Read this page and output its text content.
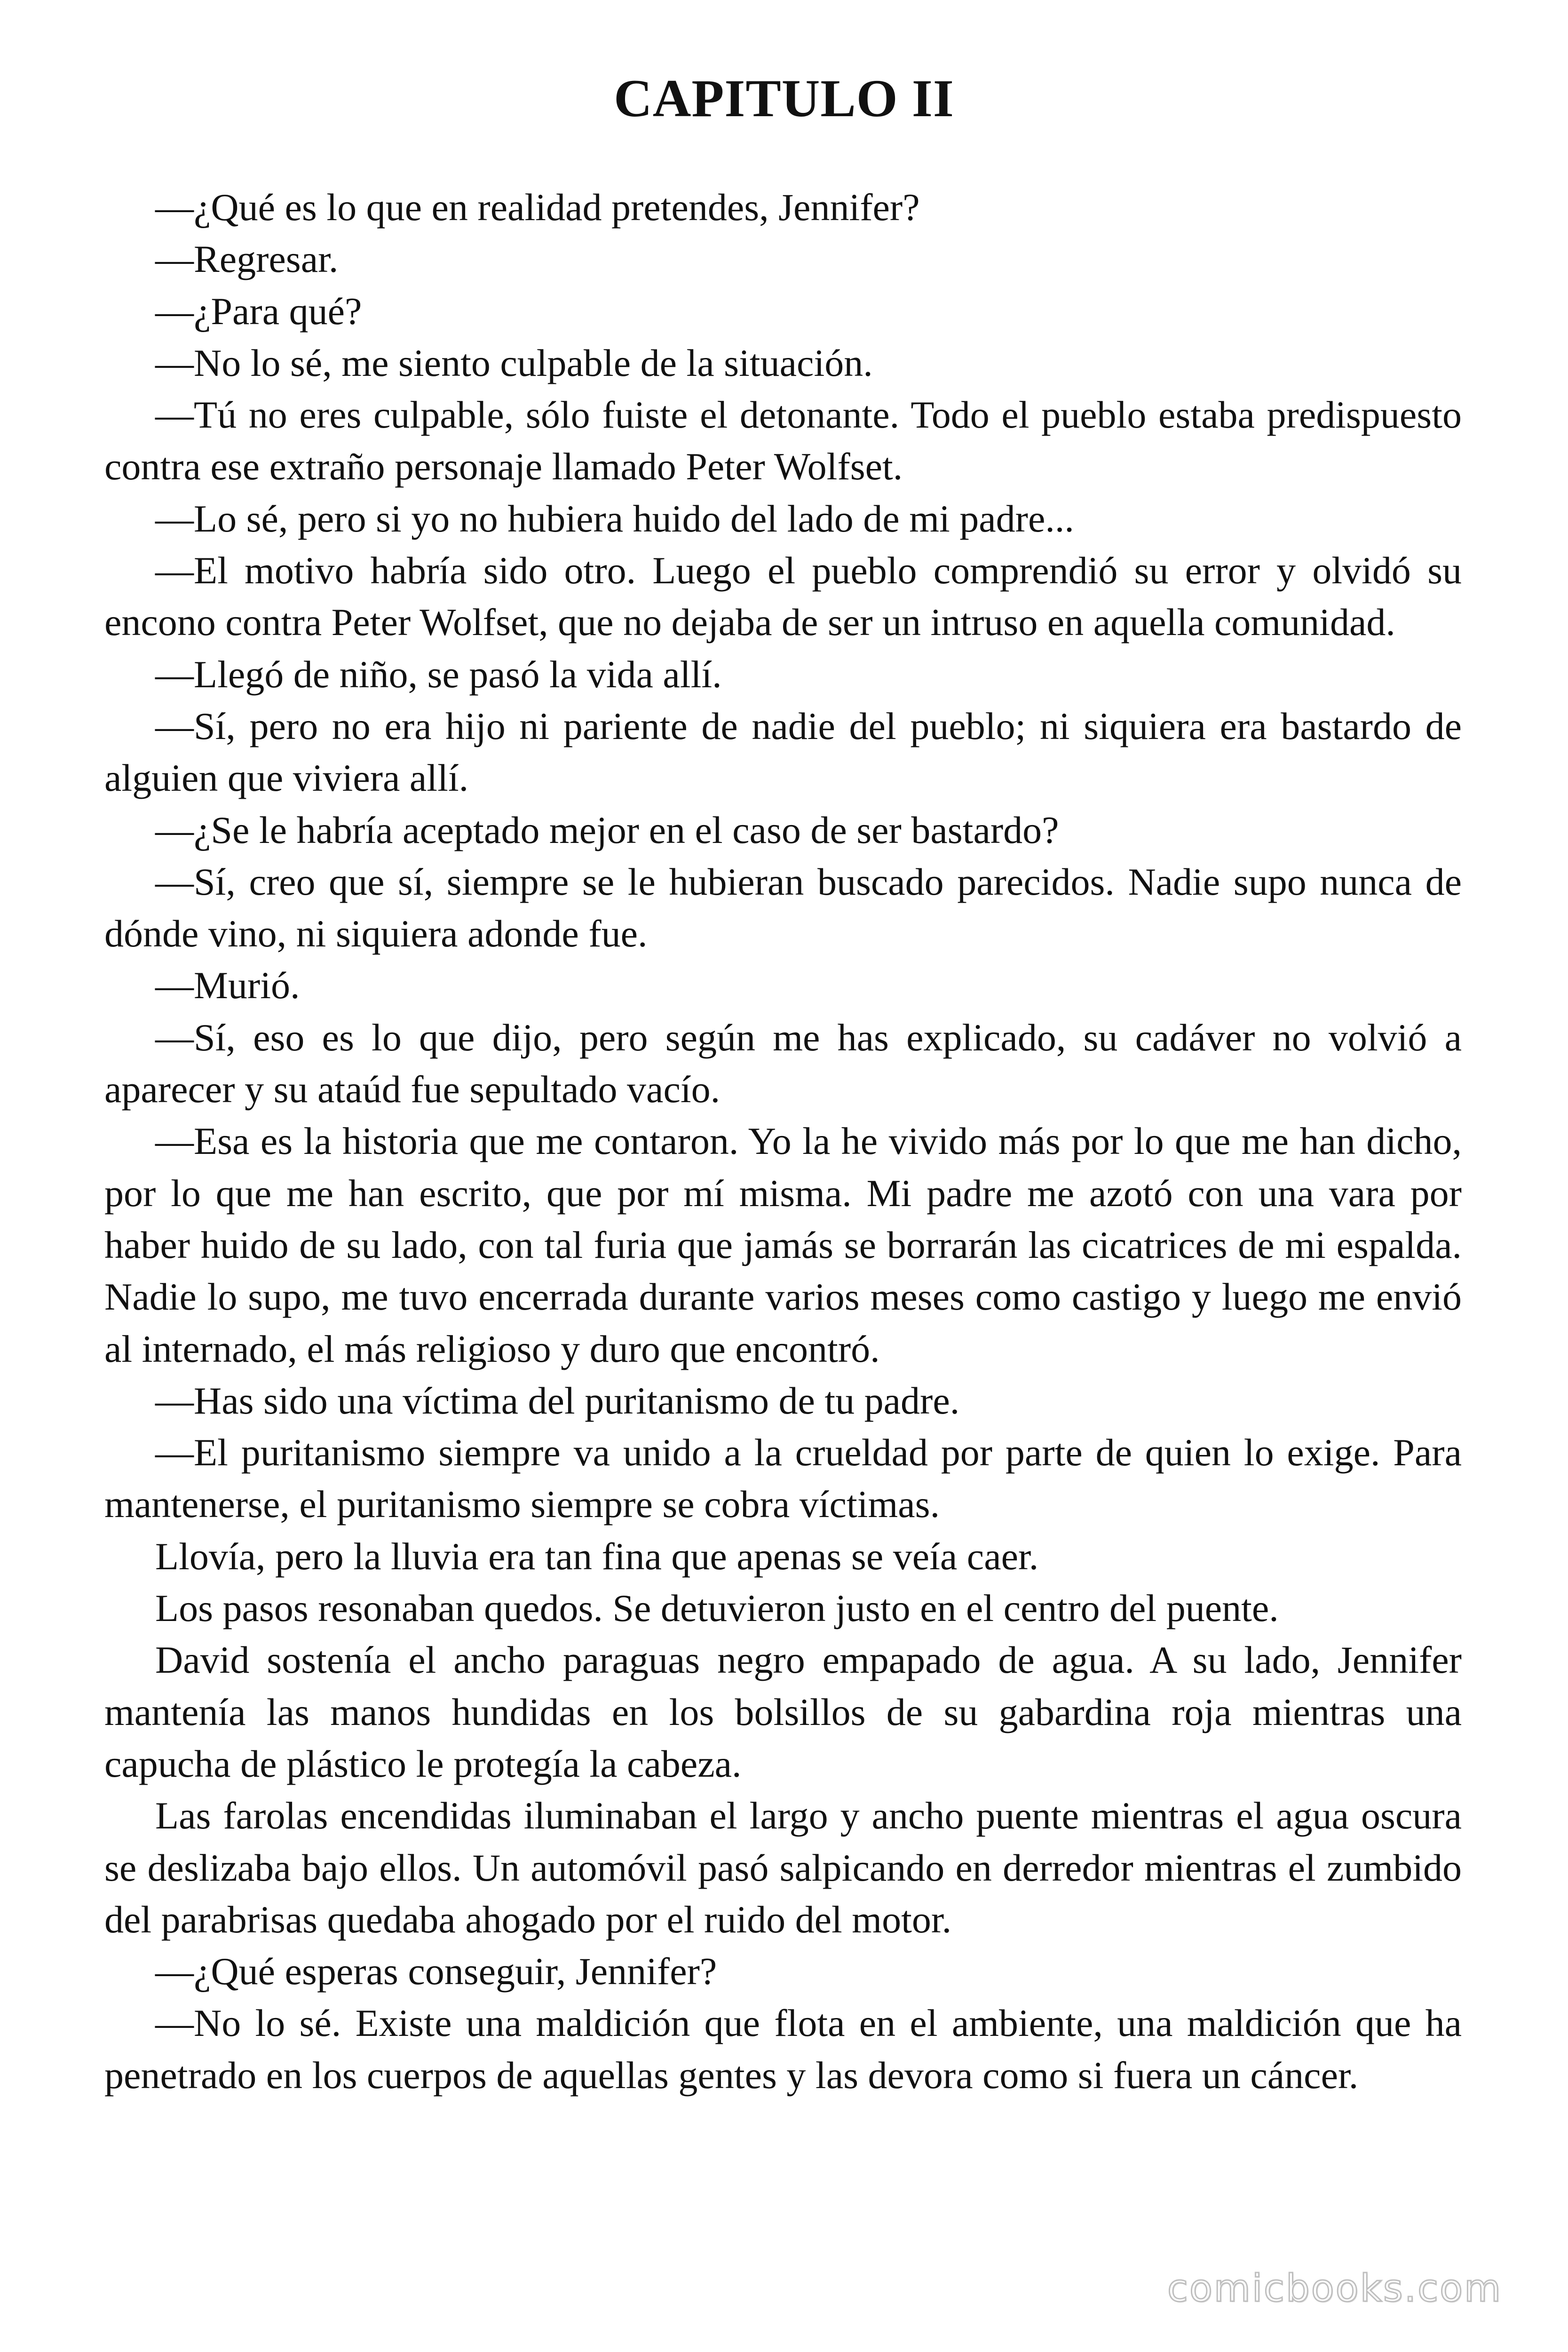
CAPITULO II

—¿Qué es lo que en realidad pretendes, Jennifer?

—Regresar.

—¿Para qué?

—No lo sé, me siento culpable de la situación.

—Tú no eres culpable, sólo fuiste el detonante. Todo el pueblo estaba predispuesto contra ese extraño personaje llamado Peter Wolfset.

—Lo sé, pero si yo no hubiera huido del lado de mi padre...

—El motivo habría sido otro. Luego el pueblo comprendió su error y olvidó su encono contra Peter Wolfset, que no dejaba de ser un intruso en aquella comunidad.

—Llegó de niño, se pasó la vida allí.

—Sí, pero no era hijo ni pariente de nadie del pueblo; ni siquiera era bastardo de alguien que viviera allí.

—¿Se le habría aceptado mejor en el caso de ser bastardo?

—Sí, creo que sí, siempre se le hubieran buscado parecidos. Nadie supo nunca de dónde vino, ni siquiera adonde fue.

—Murió.

—Sí, eso es lo que dijo, pero según me has explicado, su cadáver no volvió a aparecer y su ataúd fue sepultado vacío.

—Esa es la historia que me contaron. Yo la he vivido más por lo que me han dicho, por lo que me han escrito, que por mí misma. Mi padre me azotó con una vara por haber huido de su lado, con tal furia que jamás se borrarán las cicatrices de mi espalda. Nadie lo supo, me tuvo encerrada durante varios meses como castigo y luego me envió al internado, el más religioso y duro que encontró.

—Has sido una víctima del puritanismo de tu padre.

—El puritanismo siempre va unido a la crueldad por parte de quien lo exige. Para mantenerse, el puritanismo siempre se cobra víctimas.

Llovía, pero la lluvia era tan fina que apenas se veía caer.

Los pasos resonaban quedos. Se detuvieron justo en el centro del puente.

David sostenía el ancho paraguas negro empapado de agua. A su lado, Jennifer mantenía las manos hundidas en los bolsillos de su gabardina roja mientras una capucha de plástico le protegía la cabeza.

Las farolas encendidas iluminaban el largo y ancho puente mientras el agua oscura se deslizaba bajo ellos. Un automóvil pasó salpicando en derredor mientras el zumbido del parabrisas quedaba ahogado por el ruido del motor.

—¿Qué esperas conseguir, Jennifer?

—No lo sé. Existe una maldición que flota en el ambiente, una maldición que ha penetrado en los cuerpos de aquellas gentes y las devora como si fuera un cáncer.

comicbooks.com
